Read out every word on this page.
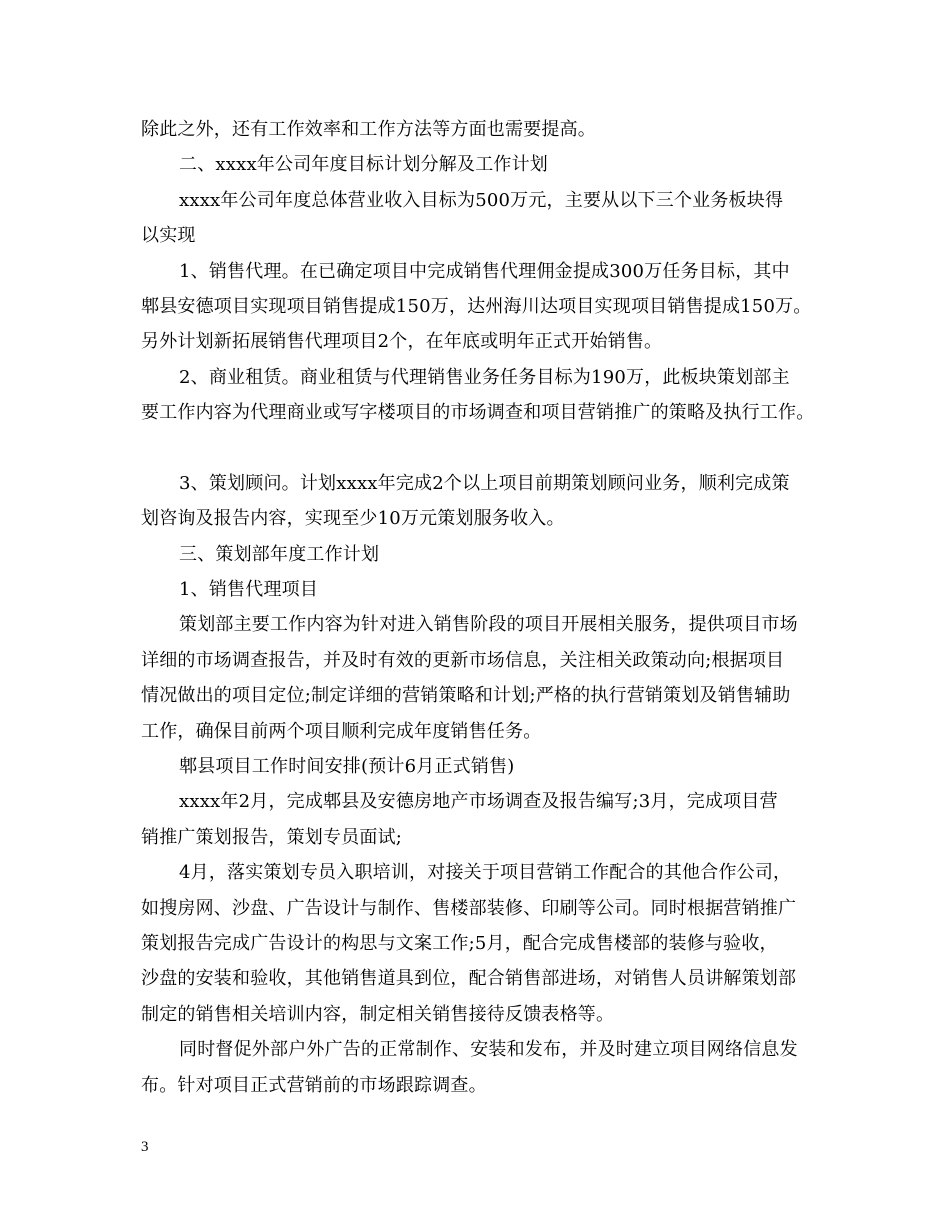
除此之外，还有工作效率和工作方法等方面也需要提高。
二、xxxx年公司年度目标计划分解及工作计划
xxxx年公司年度总体营业收入目标为500万元，主要从以下三个业务板块得
以实现
1、销售代理。在已确定项目中完成销售代理佣金提成300万任务目标，其中
郫县安德项目实现项目销售提成150万，达州海川达项目实现项目销售提成150万。
另外计划新拓展销售代理项目2个，在年底或明年正式开始销售。
2、商业租赁。商业租赁与代理销售业务任务目标为190万，此板块策划部主
要工作内容为代理商业或写字楼项目的市场调查和项目营销推广的策略及执行工作。
3、策划顾问。计划xxxx年完成2个以上项目前期策划顾问业务，顺利完成策
划咨询及报告内容，实现至少10万元策划服务收入。
三、策划部年度工作计划
1、销售代理项目
策划部主要工作内容为针对进入销售阶段的项目开展相关服务，提供项目市场
详细的市场调查报告，并及时有效的更新市场信息，关注相关政策动向;根据项目
情况做出的项目定位;制定详细的营销策略和计划;严格的执行营销策划及销售辅助
工作，确保目前两个项目顺利完成年度销售任务。
郫县项目工作时间安排(预计6月正式销售)
xxxx年2月，完成郫县及安德房地产市场调查及报告编写;3月，完成项目营
销推广策划报告，策划专员面试;
4月，落实策划专员入职培训，对接关于项目营销工作配合的其他合作公司，
如搜房网、沙盘、广告设计与制作、售楼部装修、印刷等公司。同时根据营销推广
策划报告完成广告设计的构思与文案工作;5月，配合完成售楼部的装修与验收，
沙盘的安装和验收，其他销售道具到位，配合销售部进场，对销售人员讲解策划部
制定的销售相关培训内容，制定相关销售接待反馈表格等。
同时督促外部户外广告的正常制作、安装和发布，并及时建立项目网络信息发
布。针对项目正式营销前的市场跟踪调查。
3
